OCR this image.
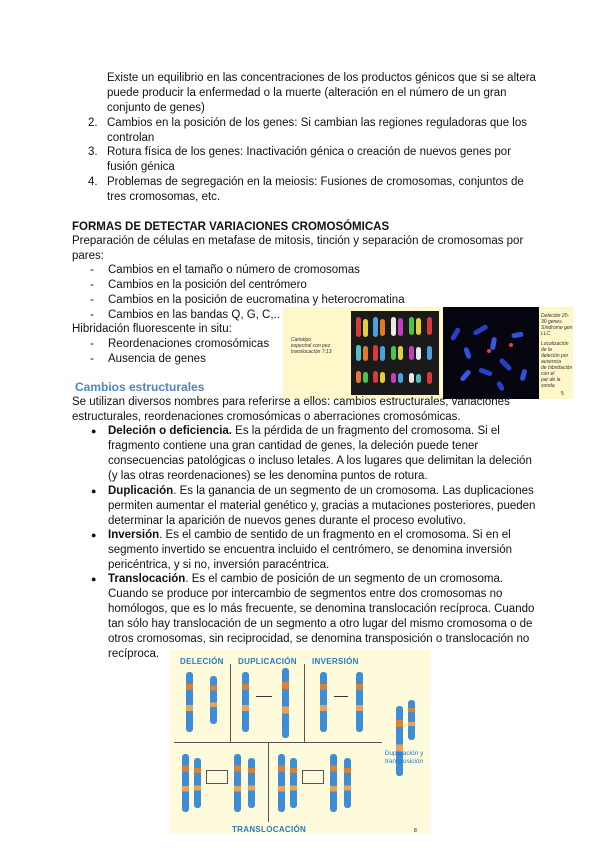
Existe un equilibrio en las concentraciones de los productos génicos que si se altera

puede producir la enfermedad o la muerte (alteración en el número de un gran

conjunto de genes)

2. Cambios en la posición de los genes: Si cambian las regiones reguladoras que los

controlan

3. Rotura física de los genes: Inactivación génica o creación de nuevos genes por

fusión génica

4. Problemas de segregación en la meiosis: Fusiones de cromosomas, conjuntos de

tres cromosomas, etc.

FORMAS DE DETECTAR VARIACIONES CROMOSÓMICAS

Preparación de células en metafase de mitosis, tinción y separación de cromosomas por

pares:

- Cambios en el tamaño o número de cromosomas

- Cambios en la posición del centrómero

- Cambios en la posición de eucromatina y heterocromatina

- Cambios en las bandas Q, G, C,..

Hibridación fluorescente in situ:

- Reordenaciones cromosómicas

- Ausencia de genes

Cariotipo
espectral con pez
translocación 7;13
Deleción 20-30 genes.
Síndrome gen LLC
Localización de la
deleción por ausencia
de hibridación con el
par de la sonda
5

Cambios estructurales

Se utilizan diversos nombres para referirse a ellos: cambios estructurales, variaciones

estructurales, reordenaciones cromosómicas o aberraciones cromosómicas.

● Deleción o deficiencia. Es la pérdida de un fragmento del cromosoma. Si el

fragmento contiene una gran cantidad de genes, la deleción puede tener

consecuencias patológicas o incluso letales. A los lugares que delimitan la deleción

(y las otras reordenaciones) se les denomina puntos de rotura.

● Duplicación. Es la ganancia de un segmento de un cromosoma. Las duplicaciones

permiten aumentar el material genético y, gracias a mutaciones posteriores, pueden

determinar la aparición de nuevos genes durante el proceso evolutivo.

● Inversión. Es el cambio de sentido de un fragmento en el cromosoma. Si en el

segmento invertido se encuentra incluido el centrómero, se denomina inversión

pericéntrica, y si no, inversión paracéntrica.

● Translocación. Es el cambio de posición de un segmento de un cromosoma.

Cuando se produce por intercambio de segmentos entre dos cromosomas no

homólogos, que es lo más frecuente, se denomina translocación recíproca. Cuando

tan sólo hay translocación de un segmento a otro lugar del mismo cromosoma o de

otros cromosomas, sin reciprocidad, se denomina transposición o translocación no

recíproca.

DELECIÓN DUPLICACIÓN INVERSIÓN
Duplicación y
transposición
TRANSLOCACIÓN	8
